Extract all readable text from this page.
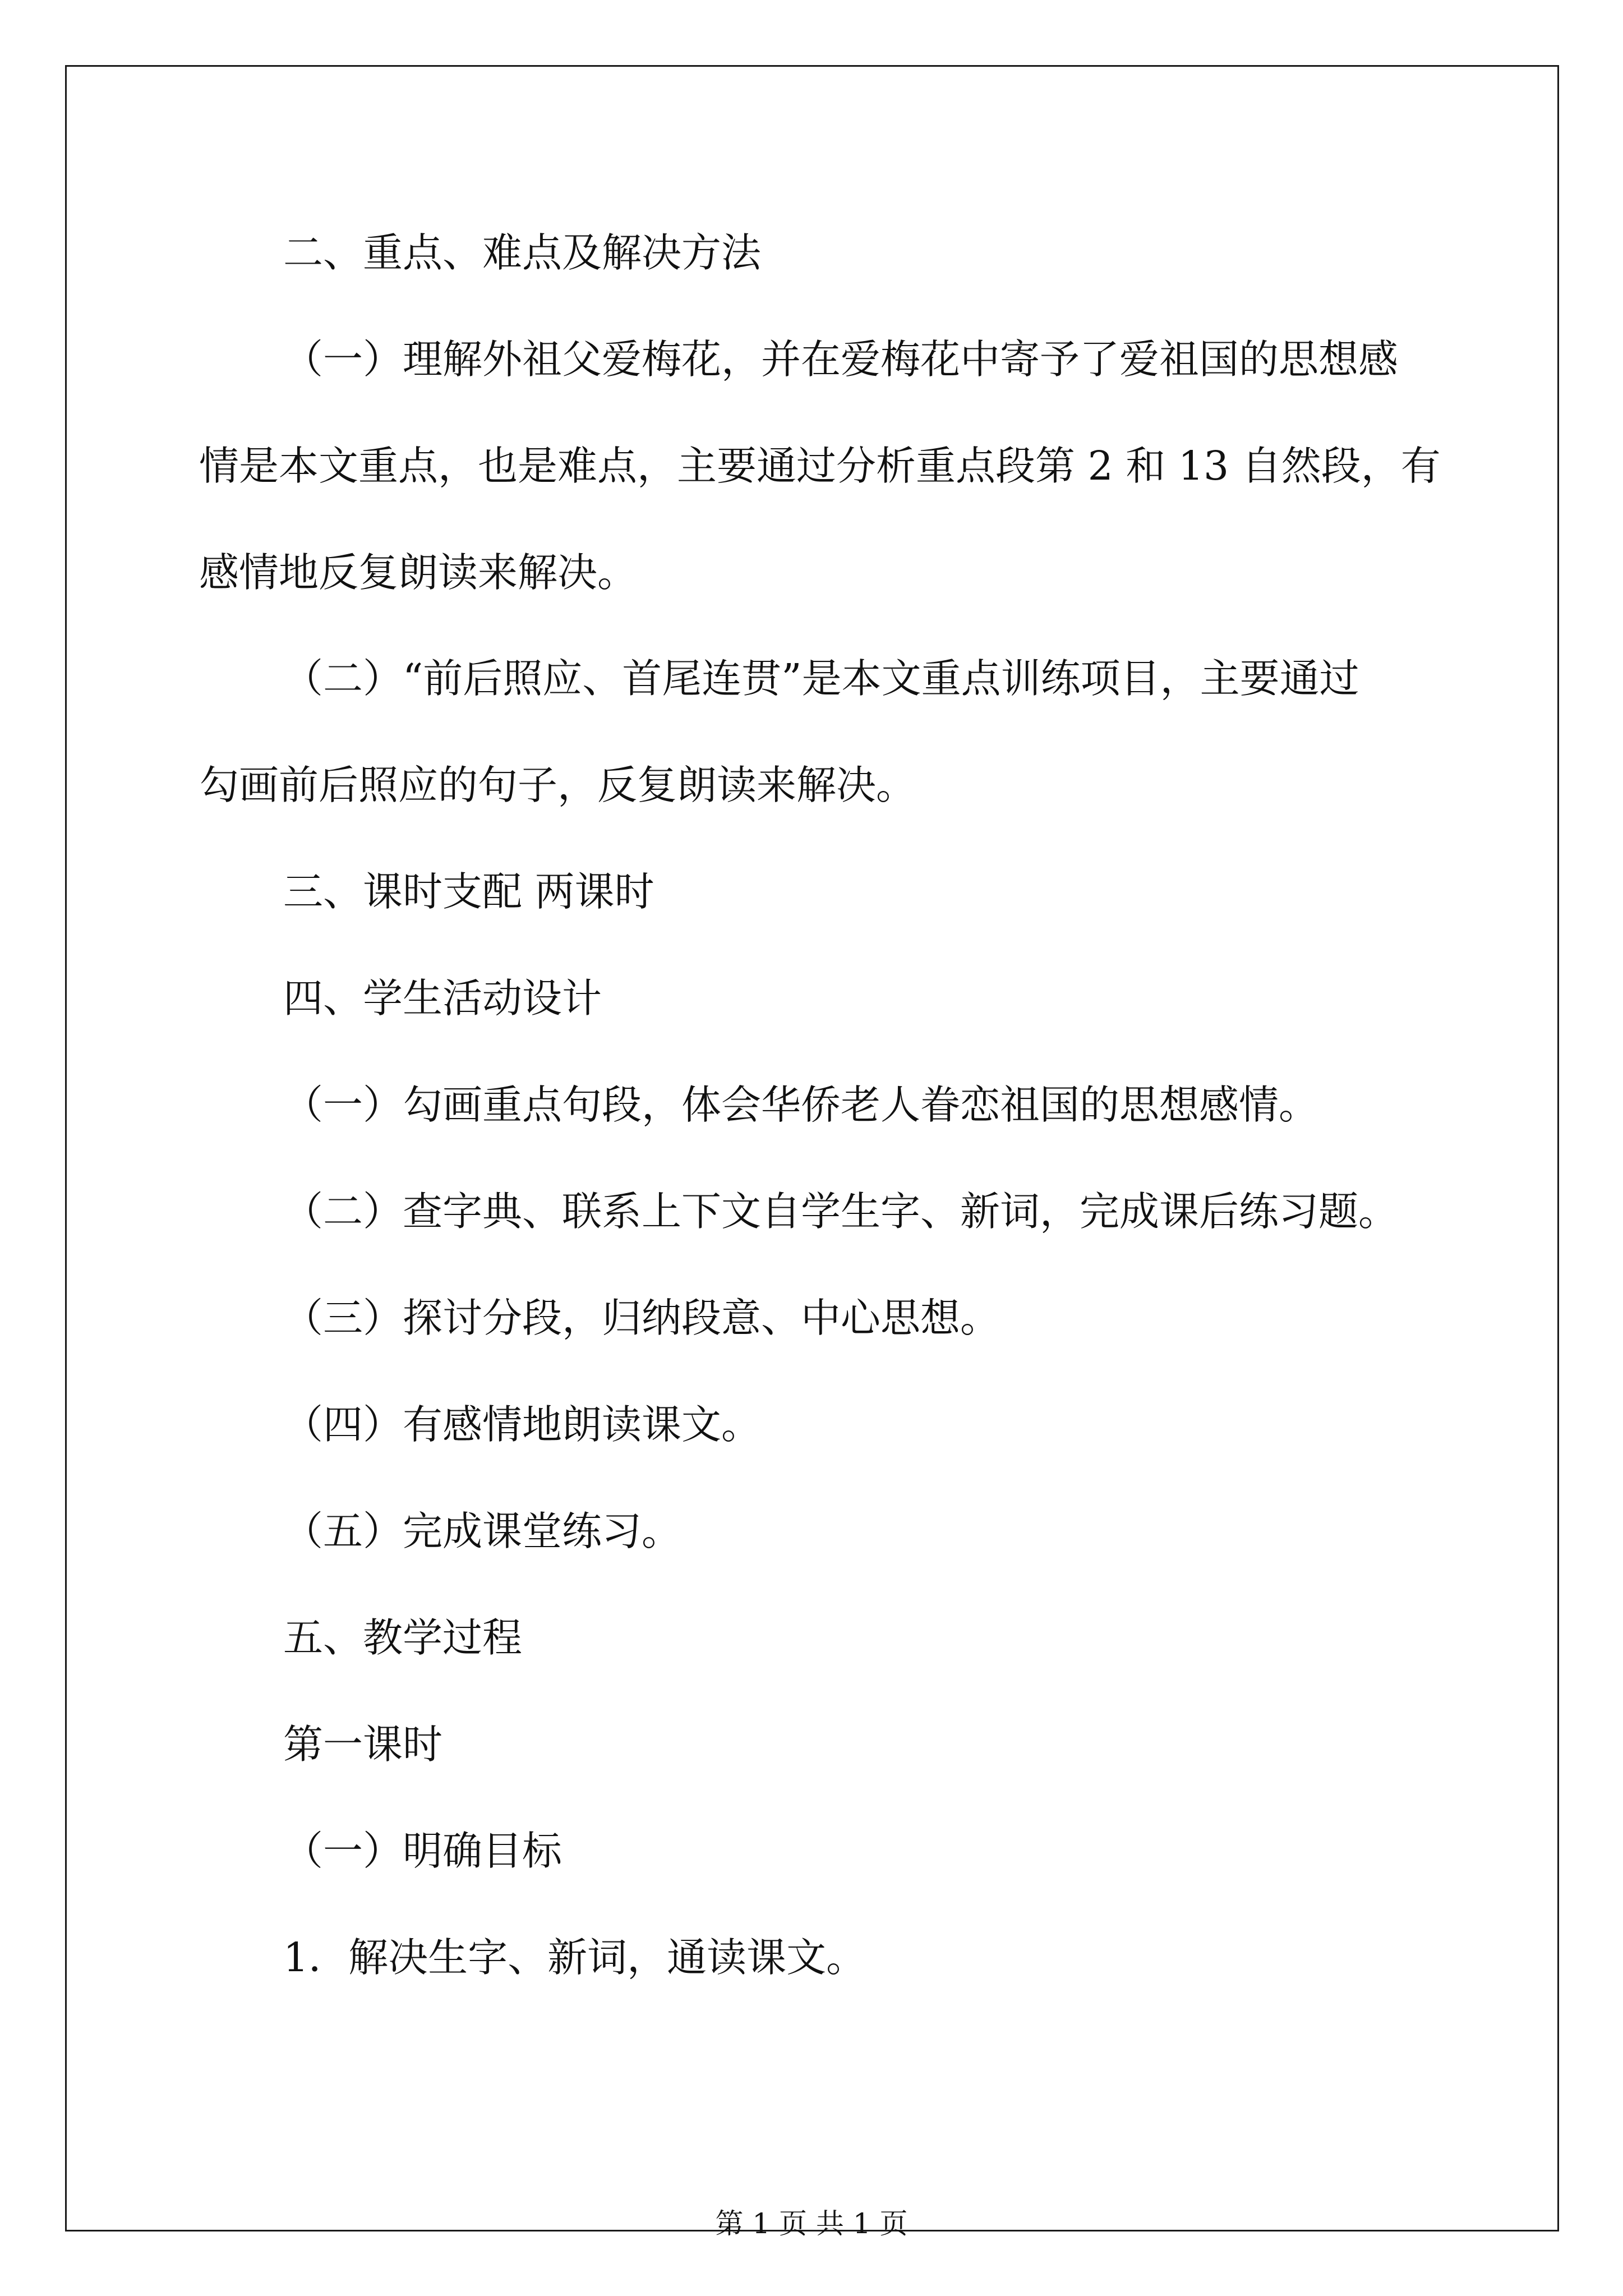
二、重点、难点及解决方法

（一）理解外祖父爱梅花，并在爱梅花中寄予了爱祖国的思想感

情是本文重点，也是难点，主要通过分析重点段第 2 和 13 自然段，有

感情地反复朗读来解决。

（二）“前后照应、首尾连贯”是本文重点训练项目，主要通过

勾画前后照应的句子，反复朗读来解决。

三、课时支配 两课时

四、学生活动设计

（一）勾画重点句段，体会华侨老人眷恋祖国的思想感情。

（二）查字典、联系上下文自学生字、新词，完成课后练习题。

（三）探讨分段，归纳段意、中心思想。

（四）有感情地朗读课文。

（五）完成课堂练习。

五、教学过程

第一课时

（一）明确目标

1．解决生字、新词，通读课文。

第 1 页 共 1 页
